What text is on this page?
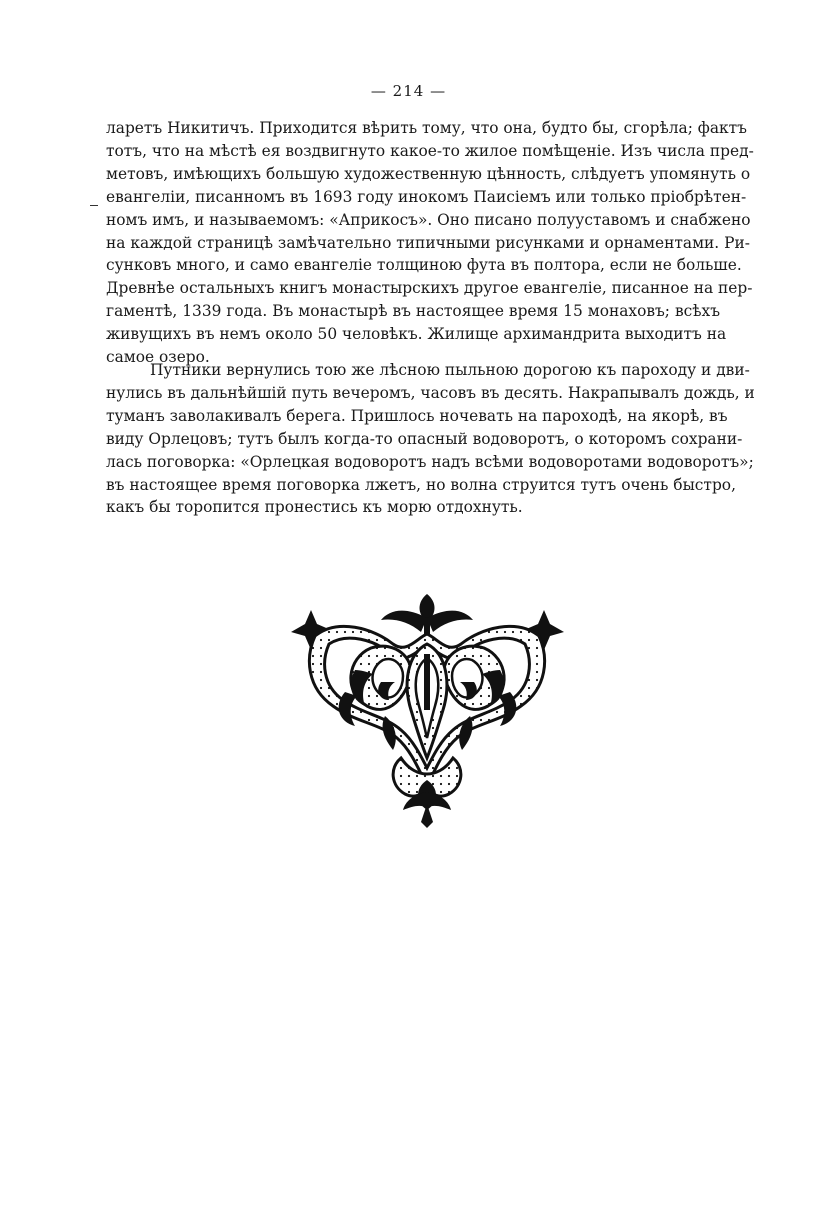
— 214 —
ларетъ Никитичъ. Приходится вѣрить тому, что она, будто бы, сгорѣла; фактъ
тотъ, что на мѣстѣ ея воздвигнуто какое-то жилое помѣщеніе. Изъ числа пред-
метовъ, имѣющихъ большую художественную цѣнность, слѣдуетъ упомянуть о
евангеліи, писанномъ въ 1693 году инокомъ Паисіемъ или только пріобрѣтен-
номъ имъ, и называемомъ: «Априкосъ». Оно писано полууставомъ и снабжено
на каждой страницѣ замѣчательно типичными рисунками и орнаментами. Ри-
сунковъ много, и само евангеліе толщиною фута въ полтора, если не больше.
Древнѣе остальныхъ книгъ монастырскихъ другое евангеліе, писанное на пер-
гаментѣ, 1339 года. Въ монастырѣ въ настоящее время 15 монаховъ; всѣхъ
живущихъ въ немъ около 50 человѣкъ. Жилище архимандрита выходитъ на
самое озеро.
Путники вернулись тою же лѣсною пыльною дорогою къ пароходу и дви-
нулись въ дальнѣйшій путь вечеромъ, часовъ въ десять. Накрапывалъ дождь, и
туманъ заволакивалъ берега. Пришлось ночевать на пароходѣ, на якорѣ, въ
виду Орлецовъ; тутъ былъ когда-то опасный водоворотъ, о которомъ сохрани-
лась поговорка: «Орлецкая водоворотъ надъ всѣми водоворотами водоворотъ»;
въ настоящее время поговорка лжетъ, но волна струится тутъ очень быстро,
какъ бы торопится пронестись къ морю отдохнуть.
